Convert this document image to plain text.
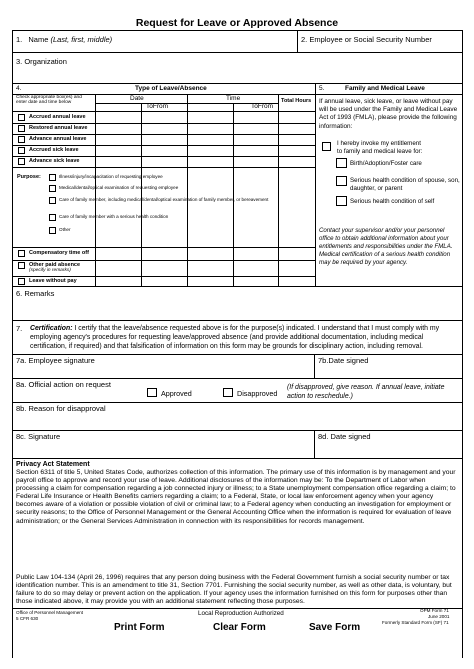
Request for Leave or Approved Absence
1. Name (Last, first, middle)	2. Employee or Social Security Number
3. Organization
4.	Type of Leave/Absence
Check appropriate box(es) and
enter date and time below
Date	Time	Total Hours
ToFrom	ToFrom
Accrued annual leave
Restored annual leave
Advance annual leave
Accrued sick leave
Advance sick leave
Purpose:	Illness/injury/incapacitation of requesting employee
Medical/dental/optical examination of requesting employee
Care of family member, including medical/dental/optical examination of family member, or bereavement
Care of family member with a serious health condition
Other
Compensatory time off
Other paid absence
(specify in remarks)
Leave without pay
5.	Family and Medical Leave
If annual leave, sick leave, or leave without pay will be used under the Family and Medical Leave Act of 1993 (FMLA), please provide the following information:
I hereby invoke my entitlement
to family and medical leave for:
Birth/Adoption/Foster care
Serious health condition of spouse, son, daughter, or parent
Serious health condition of self
Contact your supervisor and/or your personnel office to obtain additional information about your entitlements and responsibilities under the FMLA. Medical certification of a serious health condition may be required by your agency.
6. Remarks
7. Certification: I certify that the leave/absence requested above is for the purpose(s) indicated. I understand that I must comply with my employing agency's procedures for requesting leave/approved absence (and provide additional documentation, including medical certification, if required) and that falsification of information on this form may be grounds for disciplinary action, including removal.
7a. Employee signature	7b.Date signed
8a. Official action on request
Approved	Disapproved
(If disapproved, give reason. If annual leave, initiate action to reschedule.)
8b. Reason for disapproval
8c. Signature	8d. Date signed
Privacy Act Statement
Section 6311 of title 5, United States Code, authorizes collection of this information. The primary use of this information is by management and your payroll office to approve and record your use of leave. Additional disclosures of the information may be: To the Department of Labor when processing a claim for compensation regarding a job connected injury or illness; to a State unemployment compensation office regarding a claim; to Federal Life Insurance or Health Benefits carriers regarding a claim; to a Federal, State, or local law enforcement agency when your agency becomes aware of a violation or possible violation of civil or criminal law; to a Federal agency when conducting an investigation for employment or security reasons; to the Office of Personnel Management or the General Accounting Office when the information is required for evaluation of leave administration; or the General Services Administration in connection with its responsibilities for records management.
Public Law 104-134 (April 26, 1996) requires that any person doing business with the Federal Government furnish a social security number or tax identification number. This is an amendment to title 31, Section 7701. Furnishing the social security number, as well as other data, is voluntary, but failure to do so may delay or prevent action on the application. If your agency uses the information furnished on this form for purposes other than those indicated above, it may provide you with an additional statement reflecting those purposes.
Office of Personnel Management
5 CFR 630
Local Reproduction Authorized	OPM Form 71
June 2001
Formerly Standard Form (SF) 71
Print Form	Clear Form	Save Form
